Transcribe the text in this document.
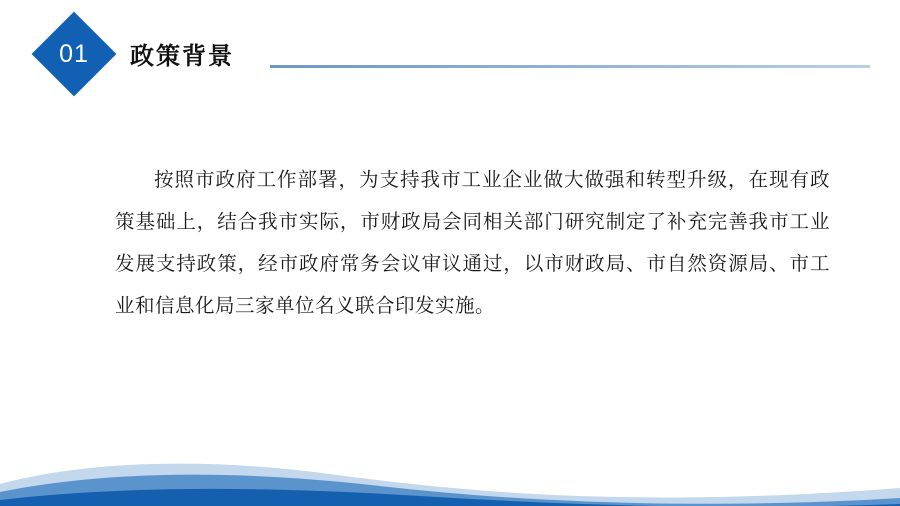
01	政策背景
按照市政府工作部署，为支持我市工业企业做大做强和转型升级，在现有政策基础上，结合我市实际，市财政局会同相关部门研究制定了补充完善我市工业发展支持政策，经市政府常务会议审议通过，以市财政局、市自然资源局、市工业和信息化局三家单位名义联合印发实施。
